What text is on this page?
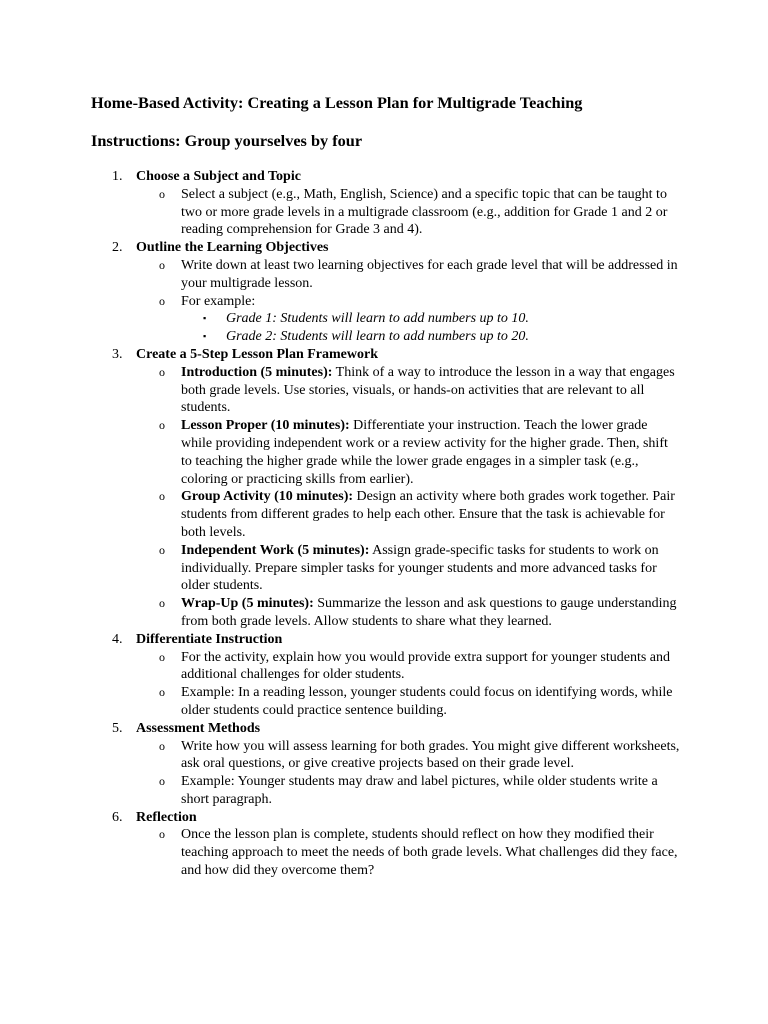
Home-Based Activity: Creating a Lesson Plan for Multigrade Teaching
Instructions: Group yourselves by four
1. Choose a Subject and Topic
o Select a subject (e.g., Math, English, Science) and a specific topic that can be taught to two or more grade levels in a multigrade classroom (e.g., addition for Grade 1 and 2 or reading comprehension for Grade 3 and 4).
2. Outline the Learning Objectives
o Write down at least two learning objectives for each grade level that will be addressed in your multigrade lesson.
o For example:
▪ Grade 1: Students will learn to add numbers up to 10.
▪ Grade 2: Students will learn to add numbers up to 20.
3. Create a 5-Step Lesson Plan Framework
o Introduction (5 minutes): Think of a way to introduce the lesson in a way that engages both grade levels. Use stories, visuals, or hands-on activities that are relevant to all students.
o Lesson Proper (10 minutes): Differentiate your instruction. Teach the lower grade while providing independent work or a review activity for the higher grade. Then, shift to teaching the higher grade while the lower grade engages in a simpler task (e.g., coloring or practicing skills from earlier).
o Group Activity (10 minutes): Design an activity where both grades work together. Pair students from different grades to help each other. Ensure that the task is achievable for both levels.
o Independent Work (5 minutes): Assign grade-specific tasks for students to work on individually. Prepare simpler tasks for younger students and more advanced tasks for older students.
o Wrap-Up (5 minutes): Summarize the lesson and ask questions to gauge understanding from both grade levels. Allow students to share what they learned.
4. Differentiate Instruction
o For the activity, explain how you would provide extra support for younger students and additional challenges for older students.
o Example: In a reading lesson, younger students could focus on identifying words, while older students could practice sentence building.
5. Assessment Methods
o Write how you will assess learning for both grades. You might give different worksheets, ask oral questions, or give creative projects based on their grade level.
o Example: Younger students may draw and label pictures, while older students write a short paragraph.
6. Reflection
o Once the lesson plan is complete, students should reflect on how they modified their teaching approach to meet the needs of both grade levels. What challenges did they face, and how did they overcome them?
